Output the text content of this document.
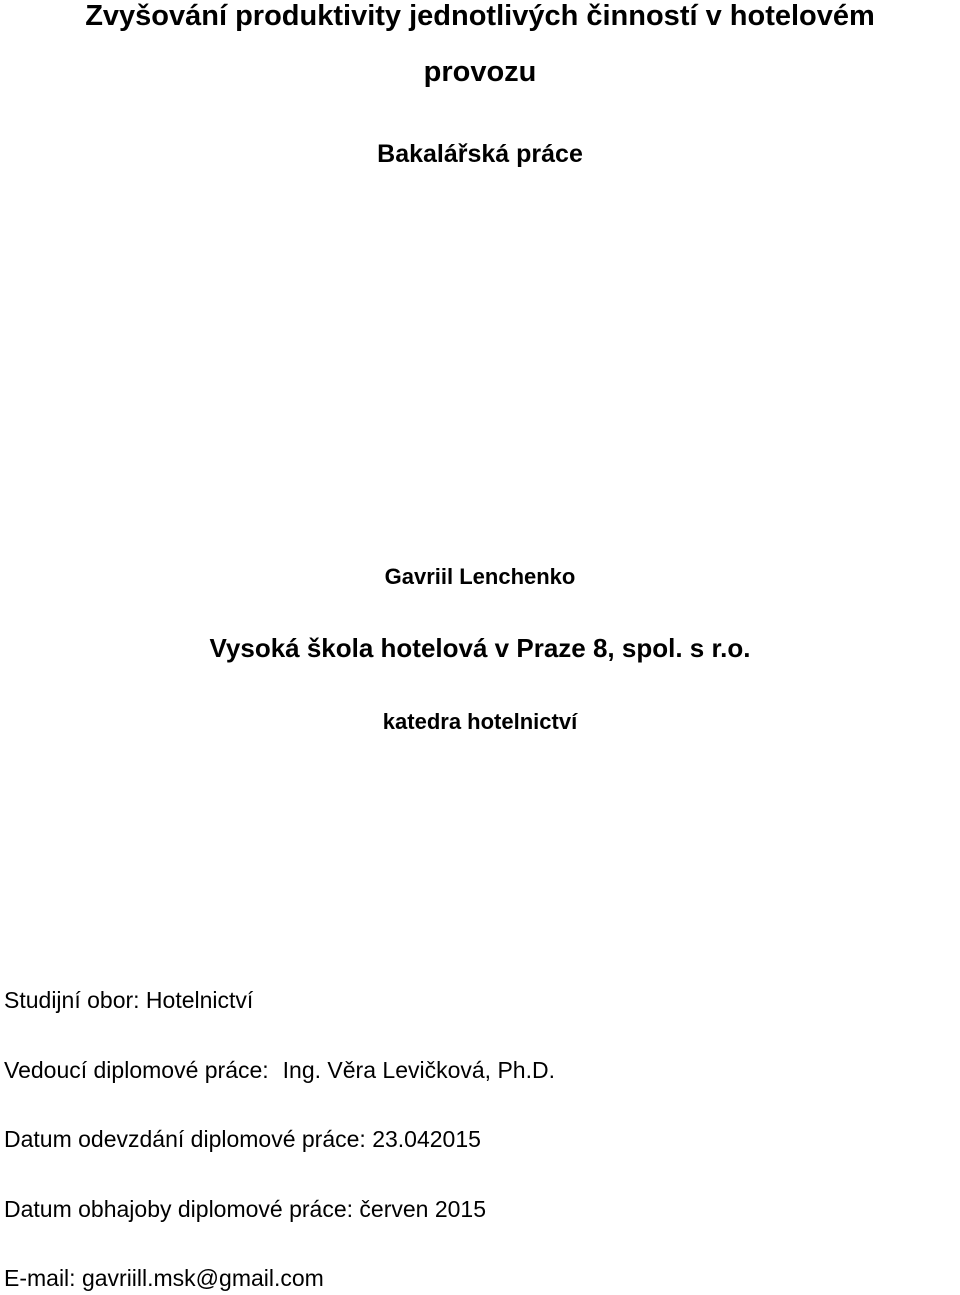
Zvyšování produktivity jednotlivých činností v hotelovém
provozu
Bakalářská práce
Gavriil Lenchenko
Vysoká škola hotelová v Praze 8, spol. s r.o.
katedra hotelnictví
Studijní obor: Hotelnictví
Vedoucí diplomové práce: Ing. Věra Levičková, Ph.D.
Datum odevzdání diplomové práce: 23.042015
Datum obhajoby diplomové práce: červen 2015
E-mail: gavriill.msk@gmail.com
